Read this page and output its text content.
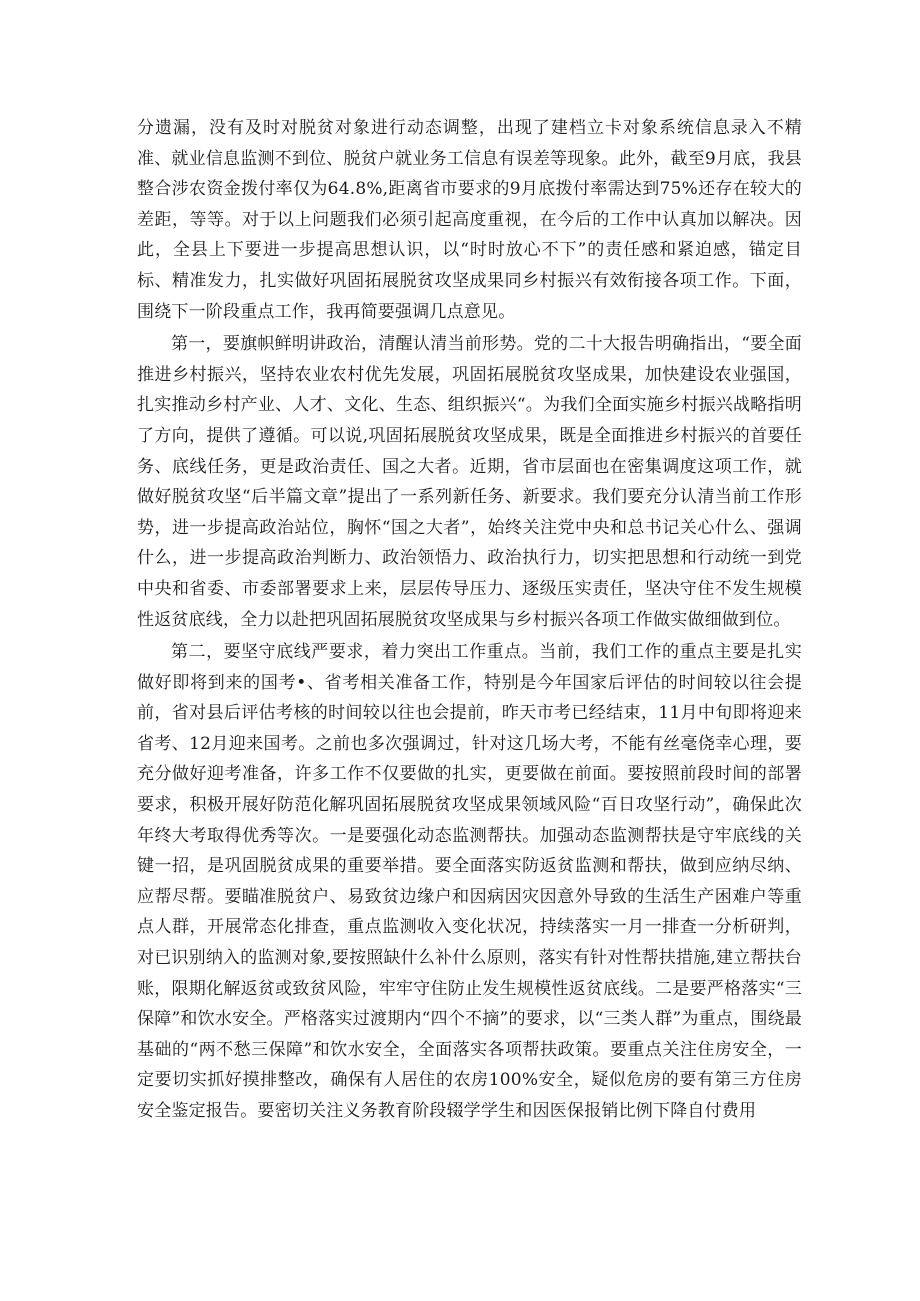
分遗漏，没有及时对脱贫对象进行动态调整，出现了建档立卡对象系统信息录入不精准、就业信息监测不到位、脱贫户就业务工信息有误差等现象。此外，截至9月底，我县整合涉农资金拨付率仅为64.8%,距离省市要求的9月底拨付率需达到75%还存在较大的差距，等等。对于以上问题我们必须引起高度重视，在今后的工作中认真加以解决。因此，全县上下要进一步提高思想认识，以“时时放心不下”的责任感和紧迫感，锚定目标、精准发力，扎实做好巩固拓展脱贫攻坚成果同乡村振兴有效衔接各项工作。下面，围绕下一阶段重点工作，我再简要强调几点意见。

第一，要旗帜鲜明讲政治，清醒认清当前形势。党的二十大报告明确指出，“要全面推进乡村振兴，坚持农业农村优先发展，巩固拓展脱贫攻坚成果，加快建设农业强国，扎实推动乡村产业、人才、文化、生态、组织振兴“。为我们全面实施乡村振兴战略指明了方向，提供了遵循。可以说,巩固拓展脱贫攻坚成果，既是全面推进乡村振兴的首要任务、底线任务，更是政治责任、国之大者。近期，省市层面也在密集调度这项工作，就做好脱贫攻坚“后半篇文章”提出了一系列新任务、新要求。我们要充分认清当前工作形势，进一步提高政治站位，胸怀“国之大者”，始终关注党中央和总书记关心什么、强调什么，进一步提高政治判断力、政治领悟力、政治执行力，切实把思想和行动统一到党中央和省委、市委部署要求上来，层层传导压力、逐级压实责任，坚决守住不发生规模性返贫底线，全力以赴把巩固拓展脱贫攻坚成果与乡村振兴各项工作做实做细做到位。

第二，要坚守底线严要求，着力突出工作重点。当前，我们工作的重点主要是扎实做好即将到来的国考•、省考相关准备工作，特别是今年国家后评估的时间较以往会提前，省对县后评估考核的时间较以往也会提前，昨天市考已经结束，11月中旬即将迎来省考、12月迎来国考。之前也多次强调过，针对这几场大考，不能有丝毫侥幸心理，要充分做好迎考准备，许多工作不仅要做的扎实，更要做在前面。要按照前段时间的部署要求，积极开展好防范化解巩固拓展脱贫攻坚成果领域风险“百日攻坚行动”，确保此次年终大考取得优秀等次。一是要强化动态监测帮扶。加强动态监测帮扶是守牢底线的关键一招，是巩固脱贫成果的重要举措。要全面落实防返贫监测和帮扶，做到应纳尽纳、应帮尽帮。要瞄准脱贫户、易致贫边缘户和因病因灾因意外导致的生活生产困难户等重点人群，开展常态化排查，重点监测收入变化状况，持续落实一月一排查一分析研判，对已识别纳入的监测对象,要按照缺什么补什么原则，落实有针对性帮扶措施,建立帮扶台账，限期化解返贫或致贫风险，牢牢守住防止发生规模性返贫底线。二是要严格落实“三保障”和饮水安全。严格落实过渡期内“四个不摘”的要求，以“三类人群”为重点，围绕最基础的“两不愁三保障”和饮水安全，全面落实各项帮扶政策。要重点关注住房安全，一定要切实抓好摸排整改，确保有人居住的农房100%安全，疑似危房的要有第三方住房安全鉴定报告。要密切关注义务教育阶段辍学学生和因医保报销比例下降自付费用
